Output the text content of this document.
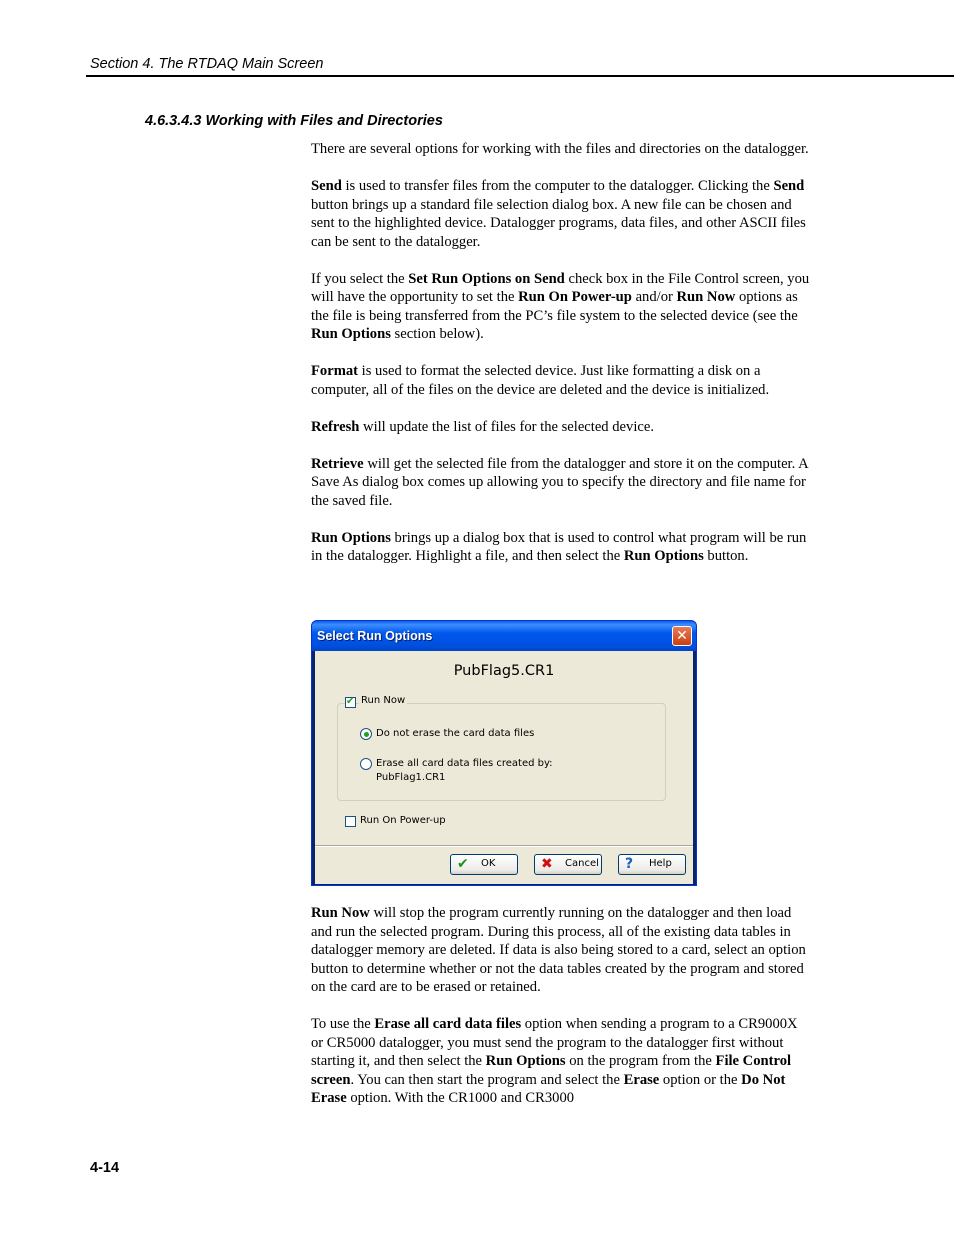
Section 4. The RTDAQ Main Screen
4.6.3.4.3 Working with Files and Directories

There are several options for working with the files and directories on the datalogger.

Send is used to transfer files from the computer to the datalogger. Clicking the Send button brings up a standard file selection dialog box. A new file can be chosen and sent to the highlighted device. Datalogger programs, data files, and other ASCII files can be sent to the datalogger.

If you select the Set Run Options on Send check box in the File Control screen, you will have the opportunity to set the Run On Power-up and/or Run Now options as the file is being transferred from the PC’s file system to the selected device (see the Run Options section below).

Format is used to format the selected device. Just like formatting a disk on a computer, all of the files on the device are deleted and the device is initialized.

Refresh will update the list of files for the selected device.

Retrieve will get the selected file from the datalogger and store it on the computer. A Save As dialog box comes up allowing you to specify the directory and file name for the saved file.

Run Options brings up a dialog box that is used to control what program will be run in the datalogger. Highlight a file, and then select the Run Options button.

Select Run Options	✕
PubFlag5.CR1
Do not erase the card data files
Erase all card data files created by:
PubFlag1.CR1
✔ Run Now
Run On Power-up
✔ OK	✖ Cancel ? Help

Run Now will stop the program currently running on the datalogger and then load and run the selected program. During this process, all of the existing data tables in datalogger memory are deleted. If data is also being stored to a card, select an option button to determine whether or not the data tables created by the program and stored on the card are to be erased or retained.

To use the Erase all card data files option when sending a program to a CR9000X or CR5000 datalogger, you must send the program to the datalogger first without starting it, and then select the Run Options on the program from the File Control screen. You can then start the program and select the Erase option or the Do Not Erase option. With the CR1000 and CR3000

4-14
